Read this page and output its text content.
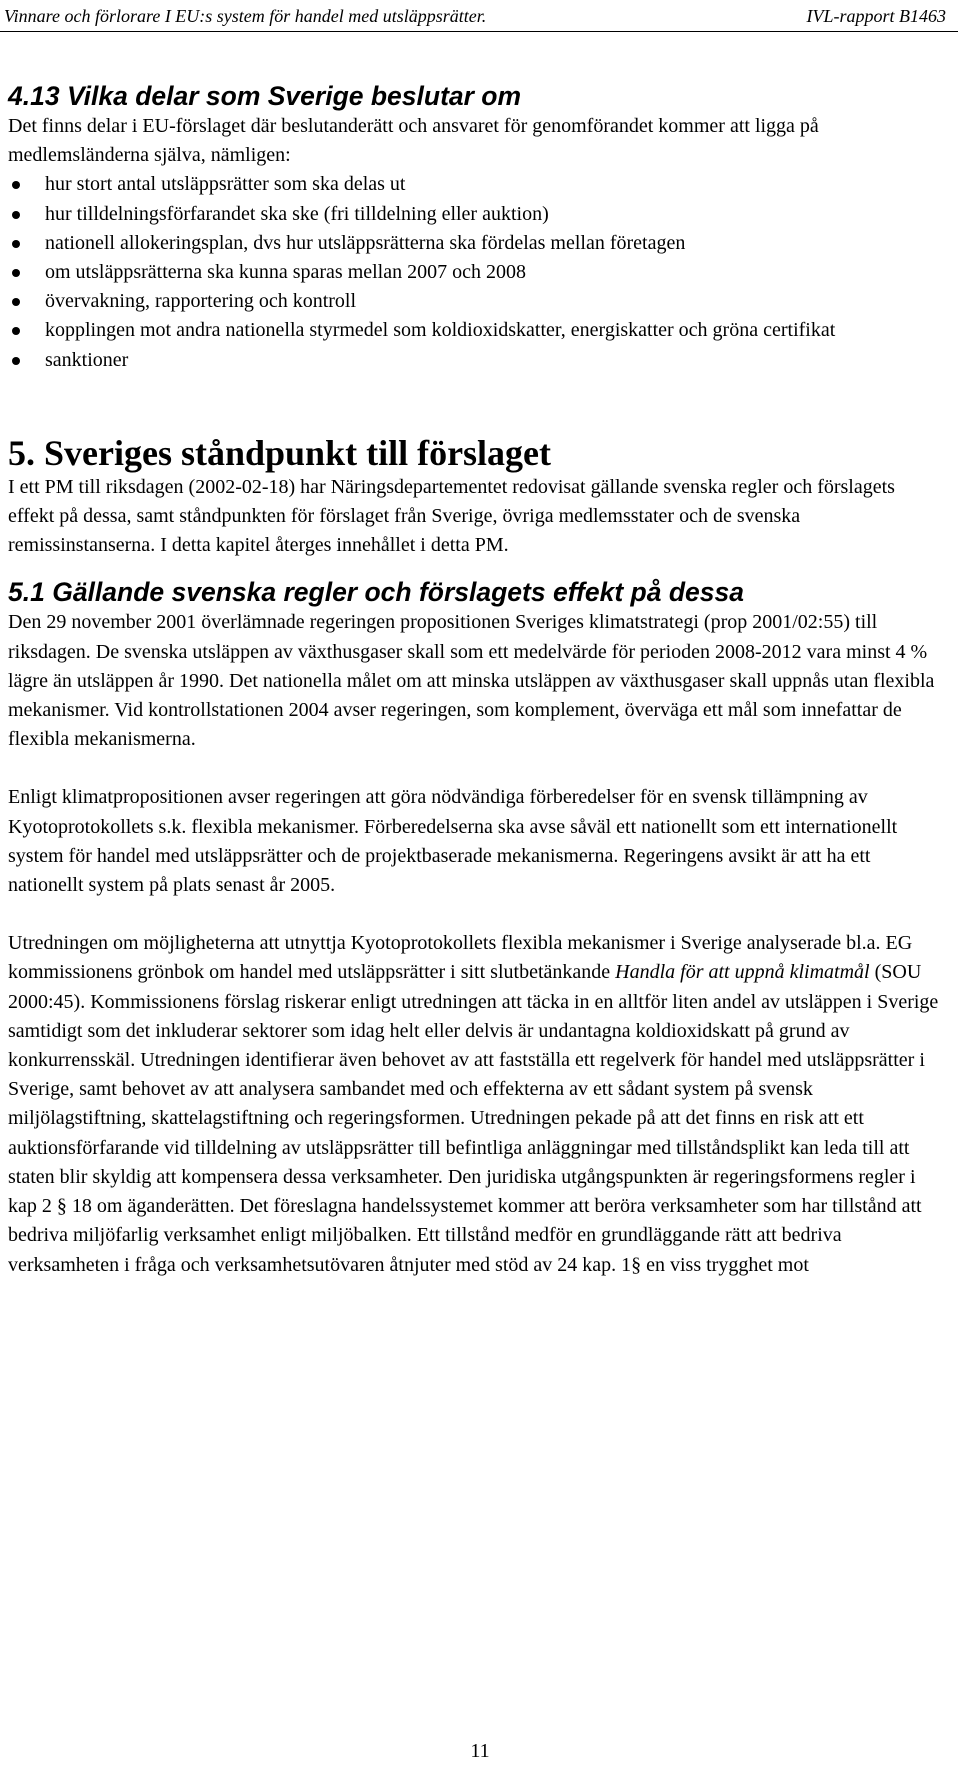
Vinnare och förlorare I EU:s system för handel med utsläppsrätter.	IVL-rapport B1463
4.13 Vilka delar som Sverige beslutar om

Det finns delar i EU-förslaget där beslutanderätt och ansvaret för genomförandet kommer att ligga på medlemsländerna själva, nämligen:

hur stort antal utsläppsrätter som ska delas ut
hur tilldelningsförfarandet ska ske (fri tilldelning eller auktion)
nationell allokeringsplan, dvs hur utsläppsrätterna ska fördelas mellan företagen
om utsläppsrätterna ska kunna sparas mellan 2007 och 2008
övervakning, rapportering och kontroll
kopplingen mot andra nationella styrmedel som koldioxidskatter, energiskatter och gröna certifikat
sanktioner
5. Sveriges ståndpunkt till förslaget

I ett PM till riksdagen (2002-02-18) har Näringsdepartementet redovisat gällande svenska regler och förslagets effekt på dessa, samt ståndpunkten för förslaget från Sverige, övriga medlemsstater och de svenska remissinstanserna. I detta kapitel återges innehållet i detta PM.

5.1 Gällande svenska regler och förslagets effekt på dessa

Den 29 november 2001 överlämnade regeringen propositionen Sveriges klimatstrategi (prop 2001/02:55) till riksdagen. De svenska utsläppen av växthusgaser skall som ett medelvärde för perioden 2008-2012 vara minst 4 % lägre än utsläppen år 1990. Det nationella målet om att minska utsläppen av växthusgaser skall uppnås utan flexibla mekanismer. Vid kontrollstationen 2004 avser regeringen, som komplement, överväga ett mål som innefattar de flexibla mekanismerna.

Enligt klimatpropositionen avser regeringen att göra nödvändiga förberedelser för en svensk tillämpning av Kyotoprotokollets s.k. flexibla mekanismer. Förberedelserna ska avse såväl ett nationellt som ett internationellt system för handel med utsläppsrätter och de projektbaserade mekanismerna. Regeringens avsikt är att ha ett nationellt system på plats senast år 2005.

Utredningen om möjligheterna att utnyttja Kyotoprotokollets flexibla mekanismer i Sverige analyserade bl.a. EG kommissionens grönbok om handel med utsläppsrätter i sitt slutbetänkande Handla för att uppnå klimatmål (SOU 2000:45). Kommissionens förslag riskerar enligt utredningen att täcka in en alltför liten andel av utsläppen i Sverige samtidigt som det inkluderar sektorer som idag helt eller delvis är undantagna koldioxidskatt på grund av konkurrensskäl. Utredningen identifierar även behovet av att fastställa ett regelverk för handel med utsläppsrätter i Sverige, samt behovet av att analysera sambandet med och effekterna av ett sådant system på svensk miljölagstiftning, skattelagstiftning och regeringsformen. Utredningen pekade på att det finns en risk att ett auktionsförfarande vid tilldelning av utsläppsrätter till befintliga anläggningar med tillståndsplikt kan leda till att staten blir skyldig att kompensera dessa verksamheter. Den juridiska utgångspunkten är regeringsformens regler i kap 2 § 18 om äganderätten. Det föreslagna handelssystemet kommer att beröra verksamheter som har tillstånd att bedriva miljöfarlig verksamhet enligt miljöbalken. Ett tillstånd medför en grundläggande rätt att bedriva verksamheten i fråga och verksamhetsutövaren åtnjuter med stöd av 24 kap. 1§ en viss trygghet mot

11
